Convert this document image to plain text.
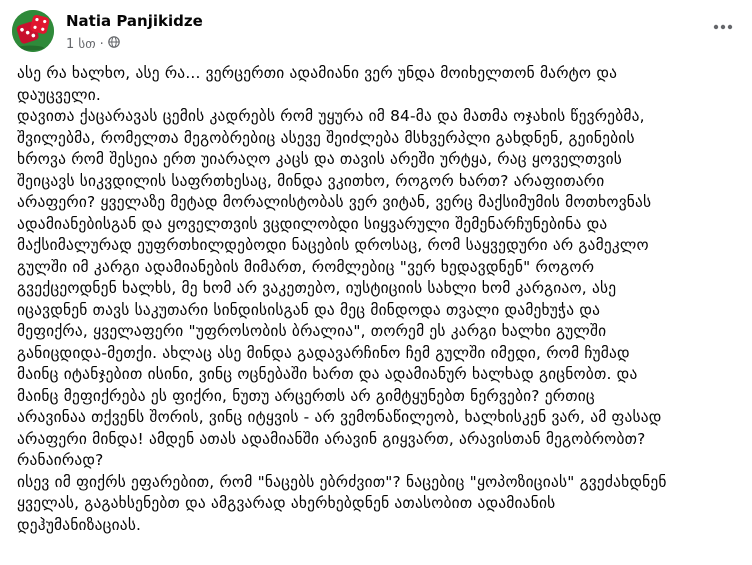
Natia Panjikidze
1 სთ ·

ასე რა ხალხო, ასე რა... ვერცერთი ადამიანი ვერ უნდა მოიხელთონ მარტო და
დაუცველი.

დავითა ქაცარავას ცემის კადრებს რომ უყურა იმ 84-მა და მათმა ოჯახის წევრებმა,
შვილებმა, რომელთა მეგობრებიც ასევე შეიძლება მსხვერპლი გახდნენ, გეინების
ხროვა რომ შესეია ერთ უიარაღო კაცს და თავის არეში ურტყა, რაც ყოველთვის
შეიცავს სიკვდილის საფრთხესაც, მინდა ვკითხო, როგორ ხართ? არაფითარი
არაფერი? ყველაზე მეტად მორალისტობას ვერ ვიტან, ვერც მაქსიმუმის მოთხოვნას
ადამიანებისგან და ყოველთვის ვცდილობდი სიყვარული შემენარჩუნებინა და
მაქსიმალურად ეუფრთხილდებოდი ნაცების დროსაც, რომ საყვედური არ გამეკლო
გულში იმ კარგი ადამიანების მიმართ, რომლებიც "ვერ ხედავდნენ" როგორ
გვექცეოდნენ ხალხს, მე ხომ არ ვაკეთებო, იუსტიციის სახლი ხომ კარგიაო, ასე
იცავდნენ თავს საკუთარი სინდისისგან და მეც მინდოდა თვალი დამეხუჭა და
მეფიქრა, ყველაფერი "უფროსობის ბრალია", თორემ ეს კარგი ხალხი გულში
განიცდიდა-მეთქი. ახლაც ასე მინდა გადავარჩინო ჩემ გულში იმედი, რომ ჩუმად
მაინც იტანჯებით ისინი, ვინც ოცნებაში ხართ და ადამიანურ ხალხად გიცნობთ. და
მაინც მეფიქრება ეს ფიქრი, ნუთუ არცერთს არ გიმტყუნებთ ნერვები? ერთიც
არავინაა თქვენს შორის, ვინც იტყვის - არ ვემონაწილეობ, ხალხისკენ ვარ, ამ ფასად
არაფერი მინდა! ამდენ ათას ადამიანში არავინ გიყვართ, არავისთან მეგობრობთ?
რანაირად?

ისევ იმ ფიქრს ეფარებით, რომ "ნაცებს ებრძვით"? ნაცებიც "ყოპოზიციას" გვეძახდნენ
ყველას, გაგახსენებთ და ამგვარად ახერხებდნენ ათასობით ადამიანის
დეჰუმანიზაციას.
